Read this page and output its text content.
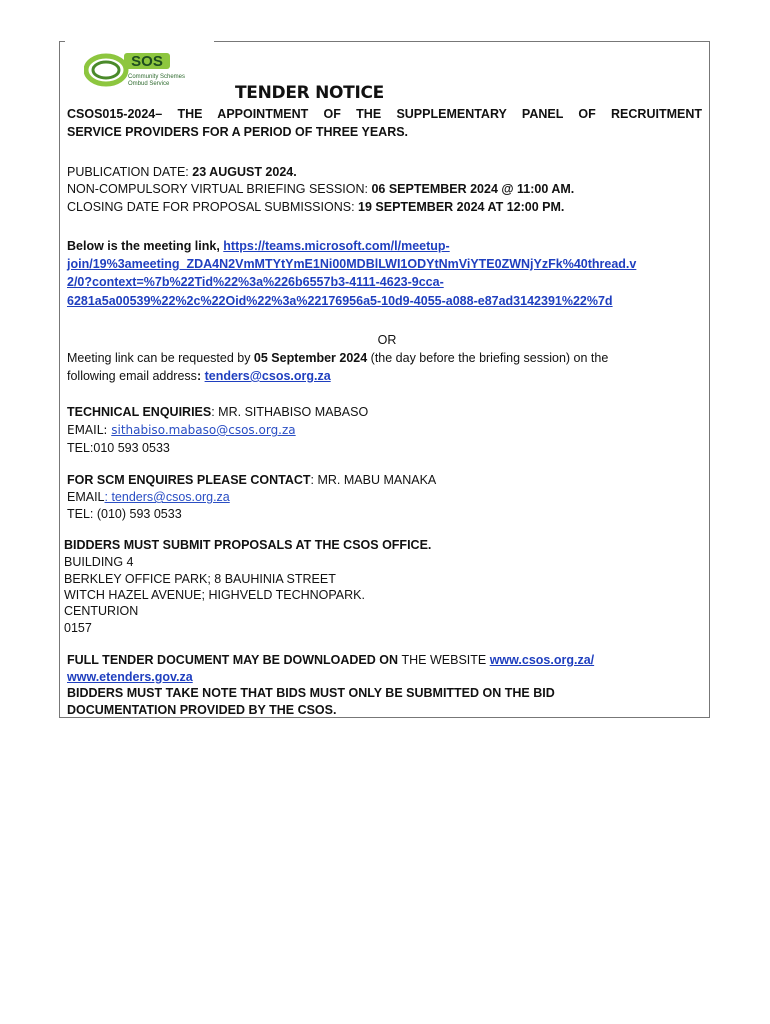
SOS
Community Schemes
Ombud Service	TENDER NOTICE
CSOS015-2024– THE APPOINTMENT OF THE SUPPLEMENTARY PANEL OF RECRUITMENT
SERVICE PROVIDERS FOR A PERIOD OF THREE YEARS.
PUBLICATION DATE: 23 AUGUST 2024.
NON-COMPULSORY VIRTUAL BRIEFING SESSION: 06 SEPTEMBER 2024 @ 11:00 AM.
CLOSING DATE FOR PROPOSAL SUBMISSIONS: 19 SEPTEMBER 2024 AT 12:00 PM.
Below is the meeting link, https://teams.microsoft.com/l/meetup-
join/19%3ameeting_ZDA4N2VmMTYtYmE1Ni00MDBlLWI1ODYtNmViYTE0ZWNjYzFk%40thread.v
2/0?context=%7b%22Tid%22%3a%226b6557b3-4111-4623-9cca-
6281a5a00539%22%2c%22Oid%22%3a%22176956a5-10d9-4055-a088-e87ad3142391%22%7d
OR
Meeting link can be requested by 05 September 2024 (the day before the briefing session) on the
following email address: tenders@csos.org.za
TECHNICAL ENQUIRIES: MR. SITHABISO MABASO
EMAIL: sithabiso.mabaso@csos.org.za
TEL:010 593 0533
FOR SCM ENQUIRES PLEASE CONTACT: MR. MABU MANAKA
EMAIL: tenders@csos.org.za
TEL: (010) 593 0533
BIDDERS MUST SUBMIT PROPOSALS AT THE CSOS OFFICE.
BUILDING 4
BERKLEY OFFICE PARK; 8 BAUHINIA STREET
WITCH HAZEL AVENUE; HIGHVELD TECHNOPARK.
CENTURION
0157
FULL TENDER DOCUMENT MAY BE DOWNLOADED ON THE WEBSITE www.csos.org.za/
www.etenders.gov.za
BIDDERS MUST TAKE NOTE THAT BIDS MUST ONLY BE SUBMITTED ON THE BID
DOCUMENTATION PROVIDED BY THE CSOS.
